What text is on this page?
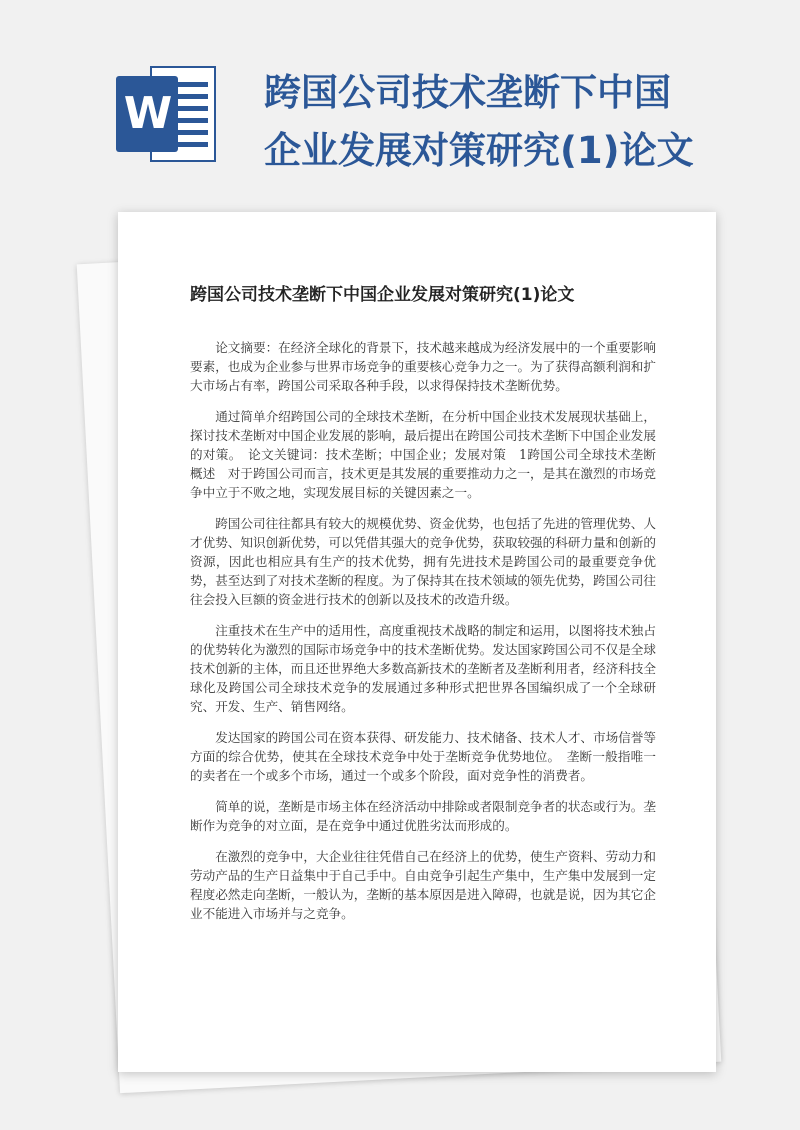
W	跨国公司技术垄断下中国企业发展对策研究(1)论文
跨国公司技术垄断下中国企业发展对策研究(1)论文

论文摘要：在经济全球化的背景下，技术越来越成为经济发展中的一个重要影响要素，也成为企业参与世界市场竞争的重要核心竞争力之一。为了获得高额利润和扩大市场占有率，跨国公司采取各种手段，以求得保持技术垄断优势。

通过简单介绍跨国公司的全球技术垄断，在分析中国企业技术发展现状基础上，探讨技术垄断对中国企业发展的影响，最后提出在跨国公司技术垄断下中国企业发展的对策。　论文关键词：技术垄断；中国企业；发展对策　1跨国公司全球技术垄断概述　对于跨国公司而言，技术更是其发展的重要推动力之一，是其在激烈的市场竞争中立于不败之地，实现发展目标的关键因素之一。

跨国公司往往都具有较大的规模优势、资金优势，也包括了先进的管理优势、人才优势、知识创新优势，可以凭借其强大的竞争优势，获取较强的科研力量和创新的资源，因此也相应具有生产的技术优势，拥有先进技术是跨国公司的最重要竞争优势，甚至达到了对技术垄断的程度。为了保持其在技术领域的领先优势，跨国公司往往会投入巨额的资金进行技术的创新以及技术的改造升级。

注重技术在生产中的适用性，高度重视技术战略的制定和运用，以图将技术独占的优势转化为激烈的国际市场竞争中的技术垄断优势。发达国家跨国公司不仅是全球技术创新的主体，而且还世界绝大多数高新技术的垄断者及垄断利用者，经济科技全球化及跨国公司全球技术竞争的发展通过多种形式把世界各国编织成了一个全球研究、开发、生产、销售网络。

发达国家的跨国公司在资本获得、研发能力、技术储备、技术人才、市场信誉等方面的综合优势，使其在全球技术竞争中处于垄断竞争优势地位。　垄断一般指唯一的卖者在一个或多个市场，通过一个或多个阶段，面对竞争性的消费者。

简单的说，垄断是市场主体在经济活动中排除或者限制竞争者的状态或行为。垄断作为竞争的对立面，是在竞争中通过优胜劣汰而形成的。

在激烈的竞争中，大企业往往凭借自己在经济上的优势，使生产资料、劳动力和劳动产品的生产日益集中于自己手中。自由竞争引起生产集中，生产集中发展到一定程度必然走向垄断，一般认为，垄断的基本原因是进入障碍，也就是说，因为其它企业不能进入市场并与之竞争。
